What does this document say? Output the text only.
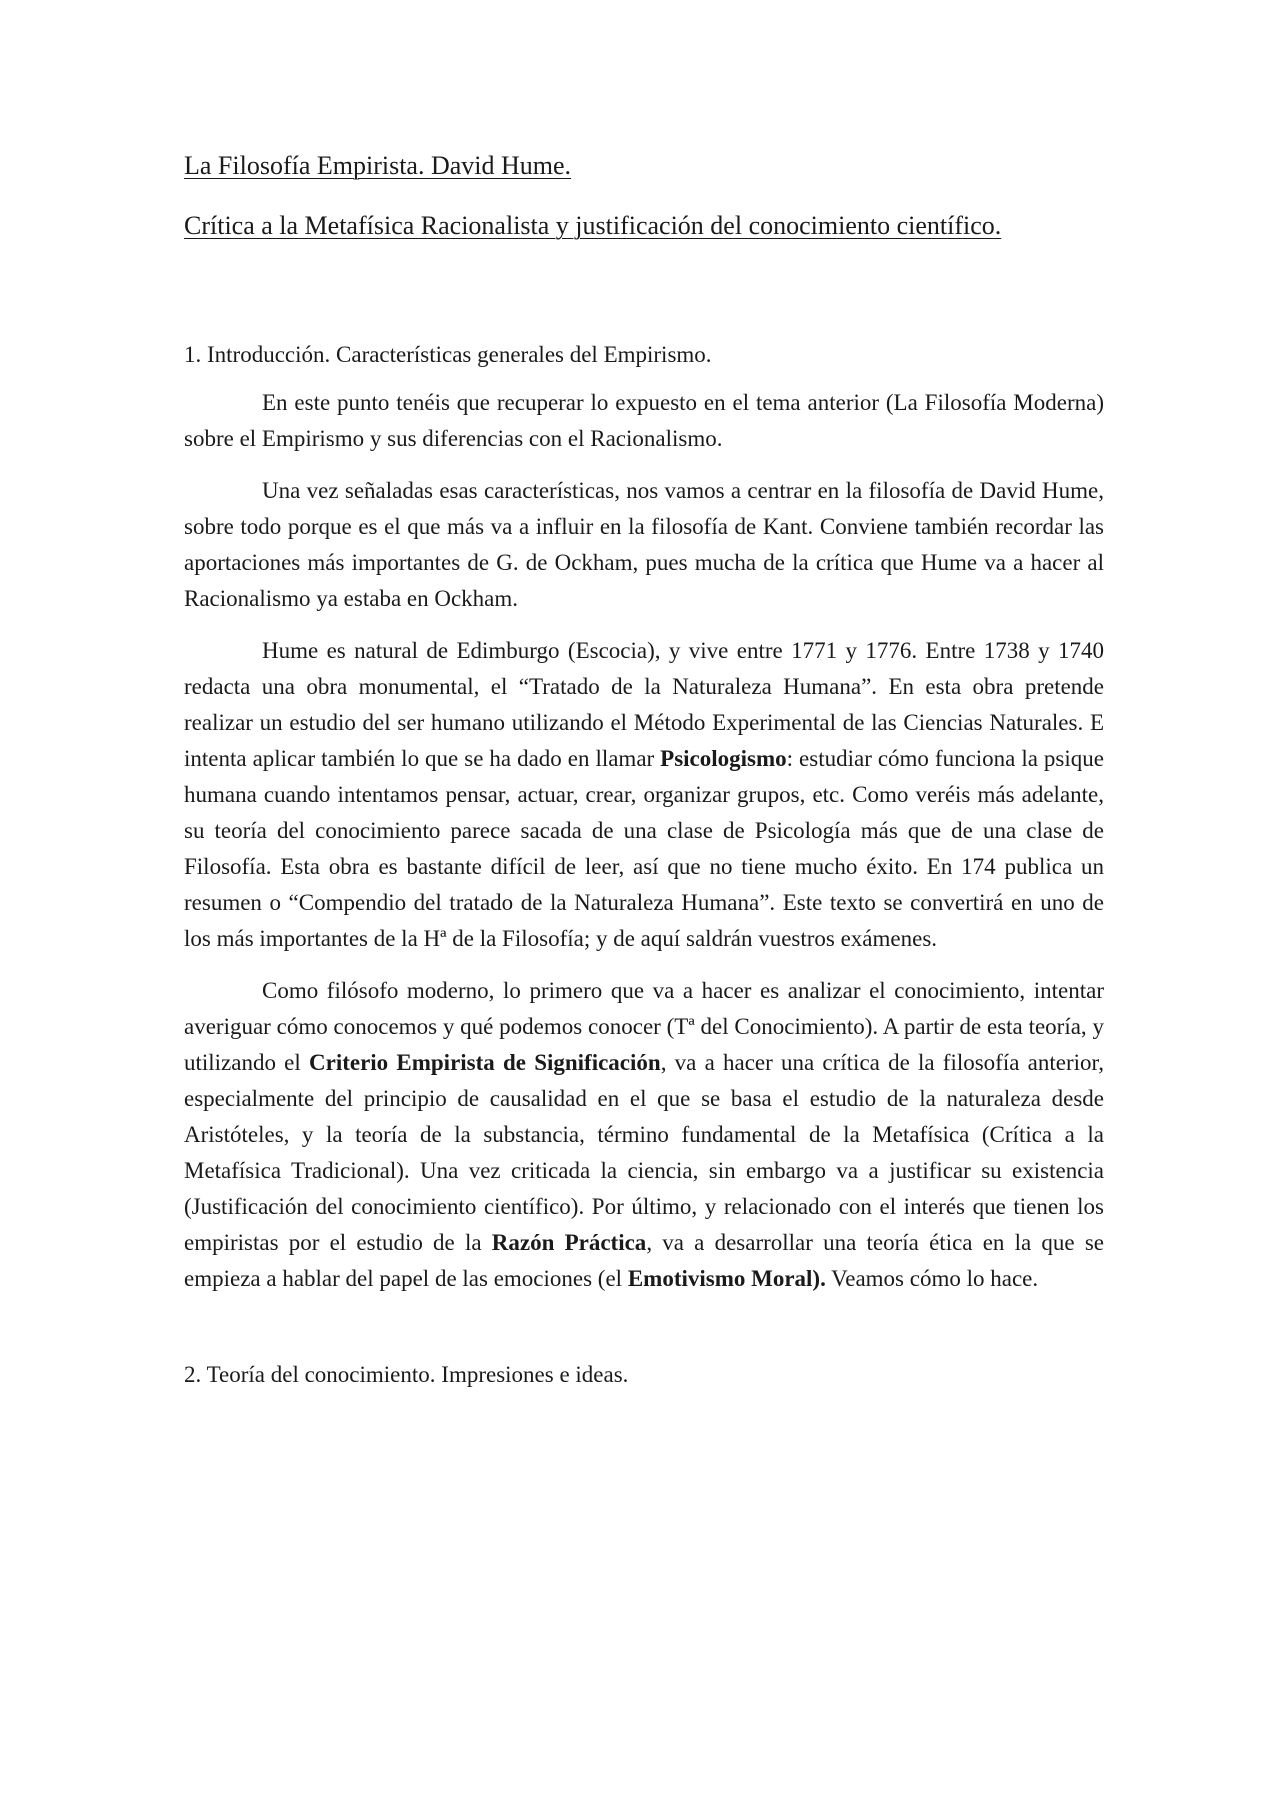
La Filosofía Empirista. David Hume.
Crítica a la Metafísica Racionalista y justificación del conocimiento científico.
1. Introducción. Características generales del Empirismo.

En este punto tenéis que recuperar lo expuesto en el tema anterior (La Filosofía Moderna) sobre el Empirismo y sus diferencias con el Racionalismo.

Una vez señaladas esas características, nos vamos a centrar en la filosofía de David Hume, sobre todo porque es el que más va a influir en la filosofía de Kant. Conviene también recordar las aportaciones más importantes de G. de Ockham, pues mucha de la crítica que Hume va a hacer al Racionalismo ya estaba en Ockham.

Hume es natural de Edimburgo (Escocia), y vive entre 1771 y 1776. Entre 1738 y 1740 redacta una obra monumental, el “Tratado de la Naturaleza Humana”. En esta obra pretende realizar un estudio del ser humano utilizando el Método Experimental de las Ciencias Naturales. E intenta aplicar también lo que se ha dado en llamar Psicologismo: estudiar cómo funciona la psique humana cuando intentamos pensar, actuar, crear, organizar grupos, etc. Como veréis más adelante, su teoría del conocimiento parece sacada de una clase de Psicología más que de una clase de Filosofía. Esta obra es bastante difícil de leer, así que no tiene mucho éxito. En 174 publica un resumen o “Compendio del tratado de la Naturaleza Humana”. Este texto se convertirá en uno de los más importantes de la Hª de la Filosofía; y de aquí saldrán vuestros exámenes.

Como filósofo moderno, lo primero que va a hacer es analizar el conocimiento, intentar averiguar cómo conocemos y qué podemos conocer (Tª del Conocimiento). A partir de esta teoría, y utilizando el Criterio Empirista de Significación, va a hacer una crítica de la filosofía anterior, especialmente del principio de causalidad en el que se basa el estudio de la naturaleza desde Aristóteles, y la teoría de la substancia, término fundamental de la Metafísica (Crítica a la Metafísica Tradicional). Una vez criticada la ciencia, sin embargo va a justificar su existencia (Justificación del conocimiento científico). Por último, y relacionado con el interés que tienen los empiristas por el estudio de la Razón Práctica, va a desarrollar una teoría ética en la que se empieza a hablar del papel de las emociones (el Emotivismo Moral). Veamos cómo lo hace.

2. Teoría del conocimiento. Impresiones e ideas.
